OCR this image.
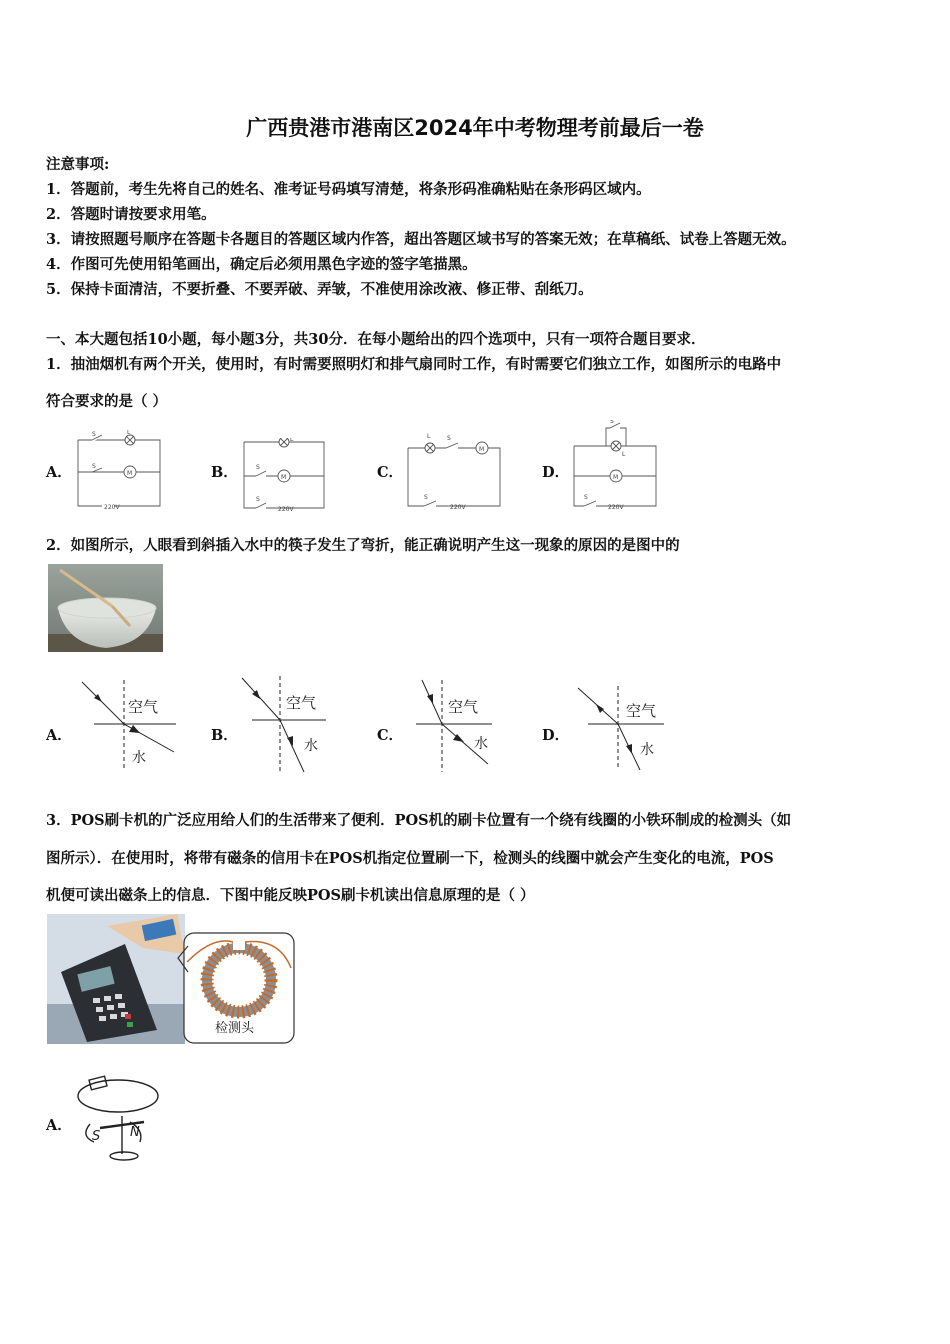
广西贵港市港南区2024年中考物理考前最后一卷
注意事项:
1．答题前，考生先将自己的姓名、准考证号码填写清楚，将条形码准确粘贴在条形码区域内。
2．答题时请按要求用笔。
3．请按照题号顺序在答题卡各题目的答题区域内作答，超出答题区域书写的答案无效；在草稿纸、试卷上答题无效。
4．作图可先使用铅笔画出，确定后必须用黑色字迹的签字笔描黑。
5．保持卡面清洁，不要折叠、不要弄破、弄皱，不准使用涂改液、修正带、刮纸刀。
一、本大题包括10小题，每小题3分，共30分．在每小题给出的四个选项中，只有一项符合题目要求．
1．抽油烟机有两个开关，使用时，有时需要照明灯和排气扇同时工作，有时需要它们独立工作，如图所示的电路中
符合要求的是（ ）
A．	B．	C．	D．
S
S
L
M
220V
S
L
M
S
220V
L	S
M
S
220V
S
L
M
S
220V
2．如图所示，人眼看到斜插入水中的筷子发生了弯折，能正确说明产生这一现象的原因的是图中的
A．	B．	C．	D．
空气
水
空气
水
空气
水
空气
水
3．POS刷卡机的广泛应用给人们的生活带来了便利．POS机的刷卡位置有一个绕有线圈的小铁环制成的检测头（如
图所示）．在使用时，将带有磁条的信用卡在POS机指定位置刷一下，检测头的线圈中就会产生变化的电流，POS
机便可读出磁条上的信息．下图中能反映POS刷卡机读出信息原理的是（ ）
检测头
A．
S N
